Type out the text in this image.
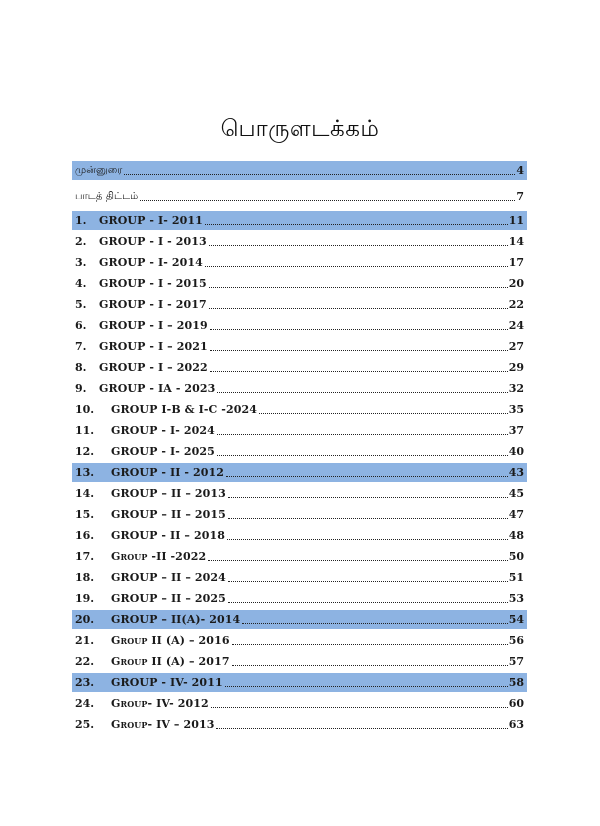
பொருளடக்கம்
முன்னுரை	4
பாடத் திட்டம்	7
1.	GROUP - I- 2011	11
2.	GROUP - I - 2013	14
3.	GROUP - I- 2014	17
4.	GROUP - I - 2015	20
5.	GROUP - I - 2017	22
6.	GROUP - I – 2019	24
7.	GROUP - I – 2021	27
8.	GROUP - I – 2022	29
9.	GROUP - IA - 2023	32
10.	GROUP I-B & I-C -2024	35
11.	GROUP - I- 2024	37
12.	GROUP - I- 2025	40
13.	GROUP - II - 2012	43
14.	GROUP – II – 2013	45
15.	GROUP – II – 2015	47
16.	GROUP - II – 2018	48
17.	Group -II -2022	50
18.	GROUP – II – 2024	51
19.	GROUP – II – 2025	53
20.	GROUP – II(A)- 2014	54
21.	Group II (A) – 2016	56
22.	Group II (A) – 2017	57
23.	GROUP - IV- 2011	58
24.	Group- IV- 2012	60
25.	Group- IV – 2013	63
